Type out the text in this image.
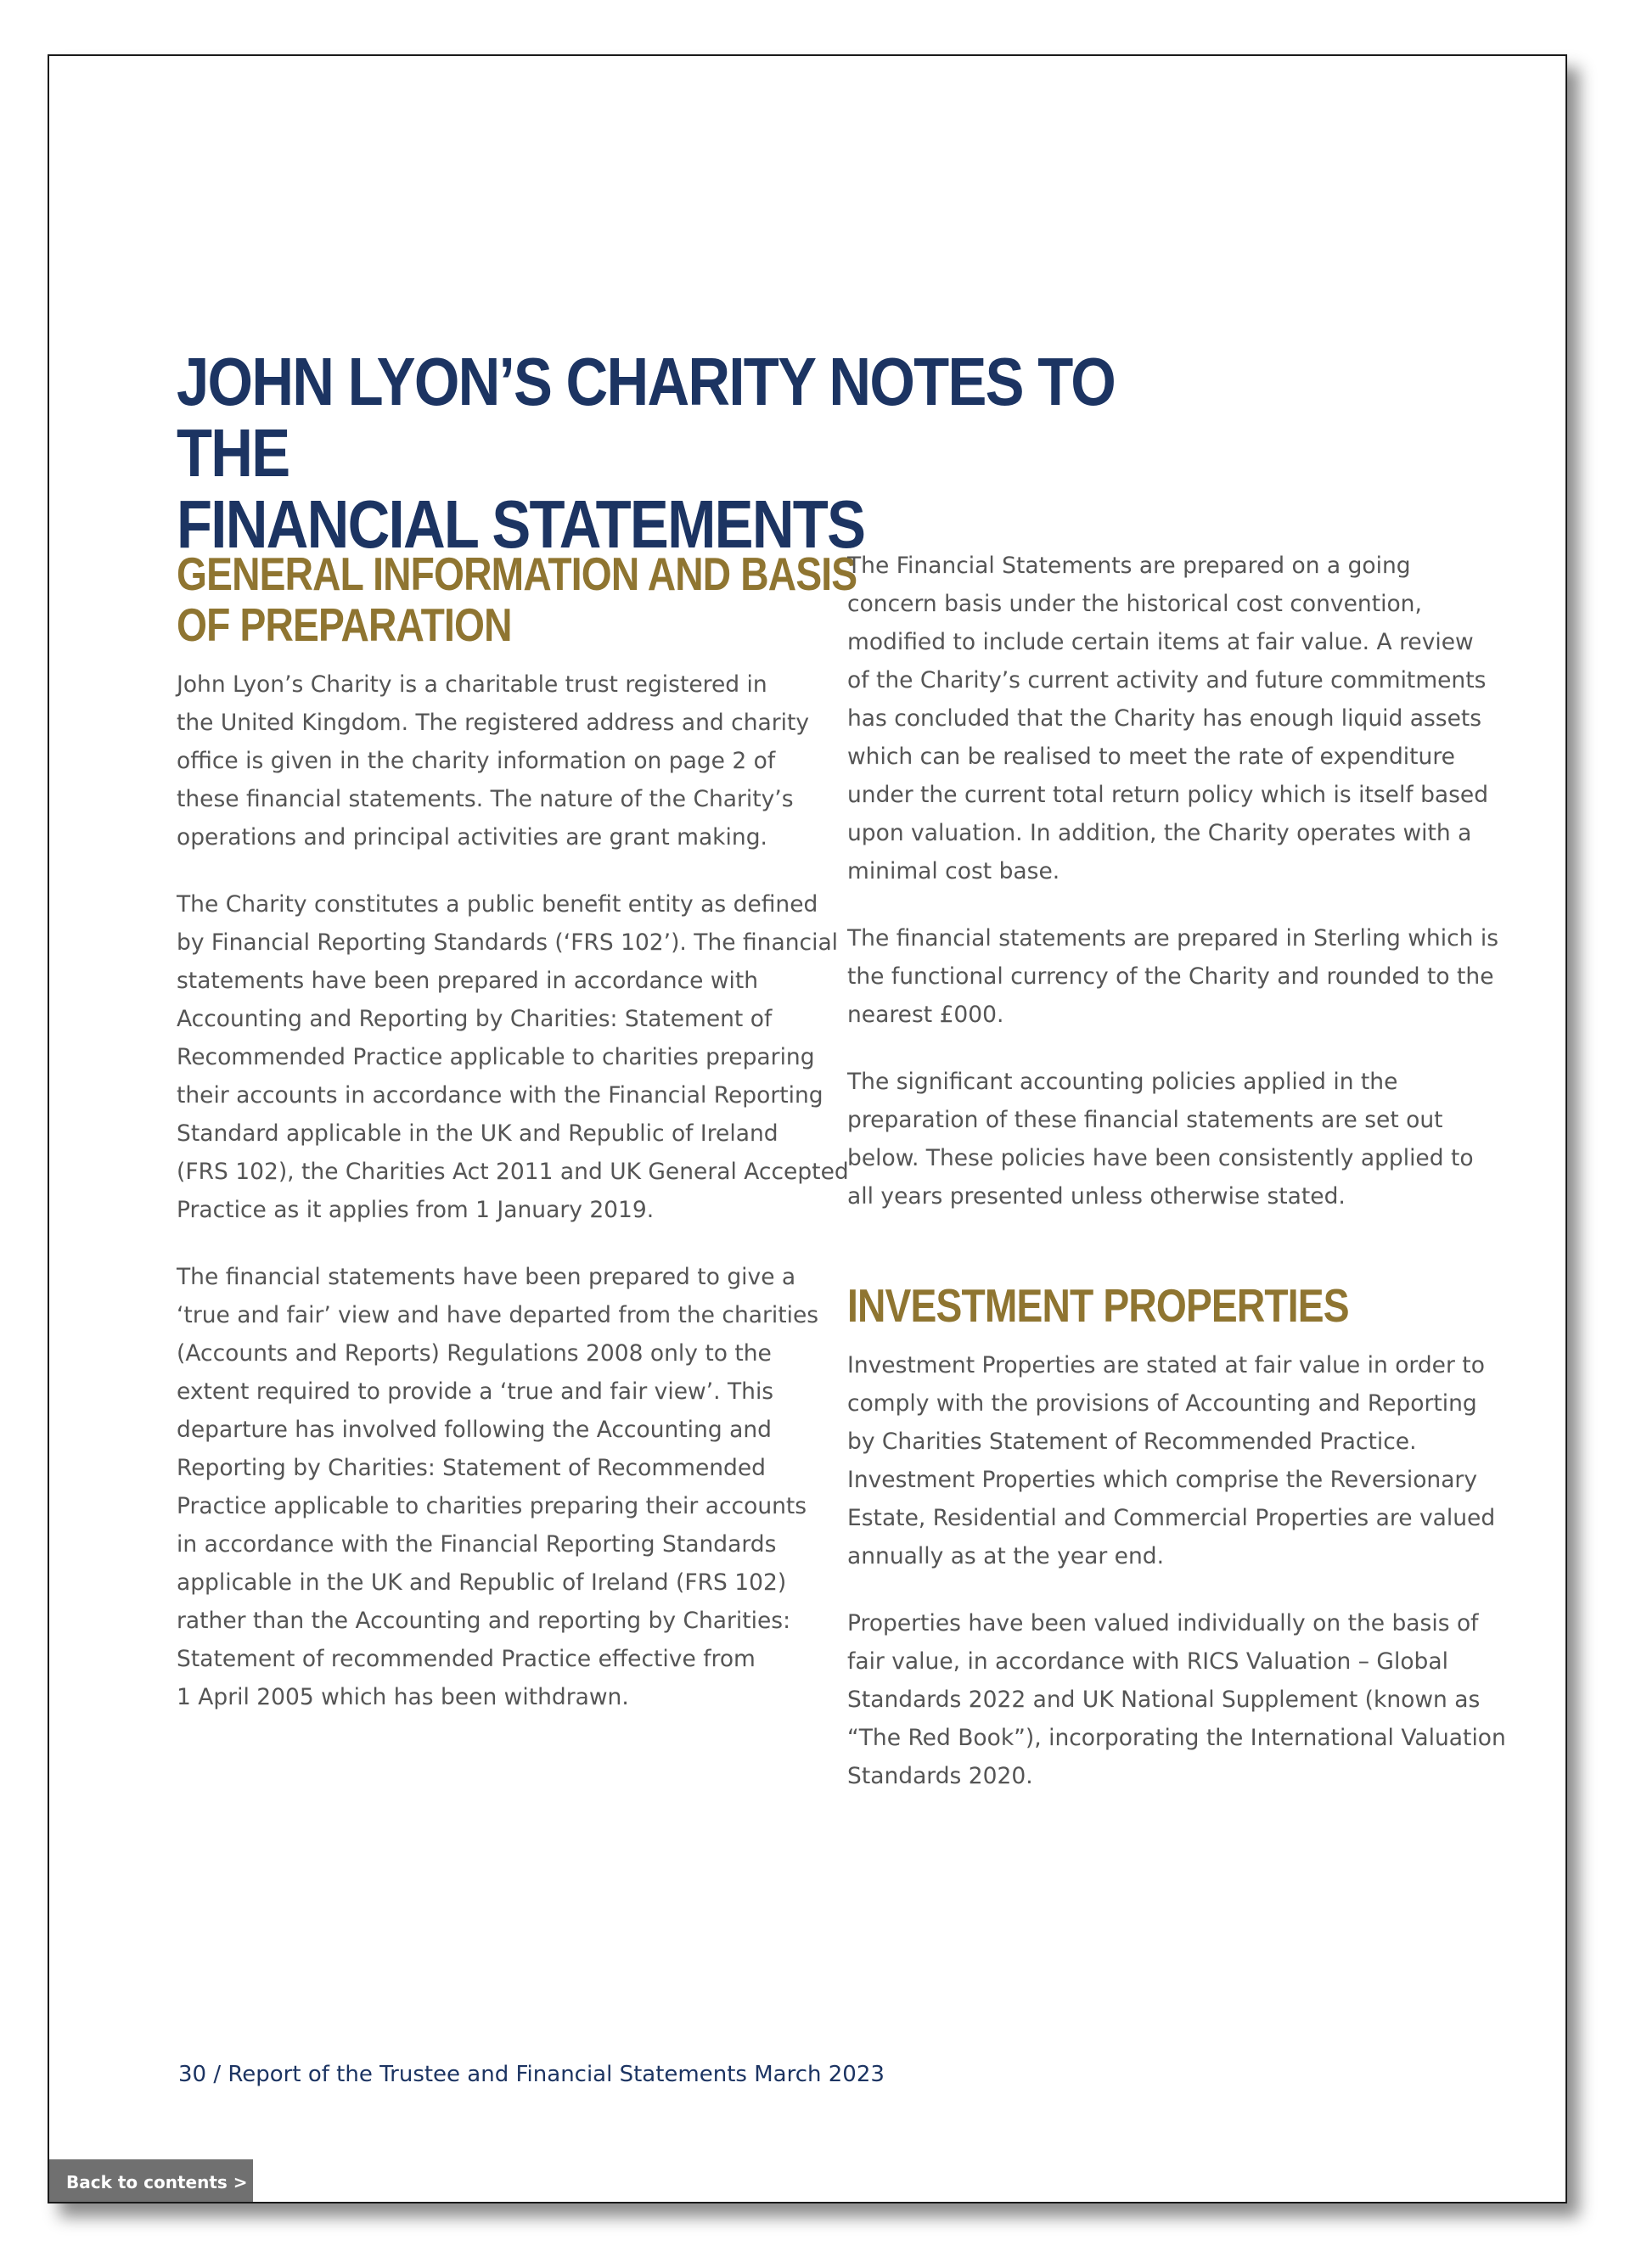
JOHN LYON’S CHARITY NOTES TO THE
FINANCIAL STATEMENTS
GENERAL INFORMATION AND BASIS
OF PREPARATION

John Lyon’s Charity is a charitable trust registered in
the United Kingdom. The registered address and charity
office is given in the charity information on page 2 of
these financial statements. The nature of the Charity’s
operations and principal activities are grant making.

The Charity constitutes a public benefit entity as defined
by Financial Reporting Standards (‘FRS 102’). The financial
statements have been prepared in accordance with
Accounting and Reporting by Charities: Statement of
Recommended Practice applicable to charities preparing
their accounts in accordance with the Financial Reporting
Standard applicable in the UK and Republic of Ireland
(FRS 102), the Charities Act 2011 and UK General Accepted
Practice as it applies from 1 January 2019.

The financial statements have been prepared to give a
‘true and fair’ view and have departed from the charities
(Accounts and Reports) Regulations 2008 only to the
extent required to provide a ‘true and fair view’. This
departure has involved following the Accounting and
Reporting by Charities: Statement of Recommended
Practice applicable to charities preparing their accounts
in accordance with the Financial Reporting Standards
applicable in the UK and Republic of Ireland (FRS 102)
rather than the Accounting and reporting by Charities:
Statement of recommended Practice effective from
1 April 2005 which has been withdrawn.

The Financial Statements are prepared on a going
concern basis under the historical cost convention,
modified to include certain items at fair value. A review
of the Charity’s current activity and future commitments
has concluded that the Charity has enough liquid assets
which can be realised to meet the rate of expenditure
under the current total return policy which is itself based
upon valuation. In addition, the Charity operates with a
minimal cost base.

The financial statements are prepared in Sterling which is
the functional currency of the Charity and rounded to the
nearest £000.

The significant accounting policies applied in the
preparation of these financial statements are set out
below. These policies have been consistently applied to
all years presented unless otherwise stated.

INVESTMENT PROPERTIES

Investment Properties are stated at fair value in order to
comply with the provisions of Accounting and Reporting
by Charities Statement of Recommended Practice.
Investment Properties which comprise the Reversionary
Estate, Residential and Commercial Properties are valued
annually as at the year end.

Properties have been valued individually on the basis of
fair value, in accordance with RICS Valuation – Global
Standards 2022 and UK National Supplement (known as
“The Red Book”), incorporating the International Valuation
Standards 2020.

30 / Report of the Trustee and Financial Statements March 2023
Back to contents >
